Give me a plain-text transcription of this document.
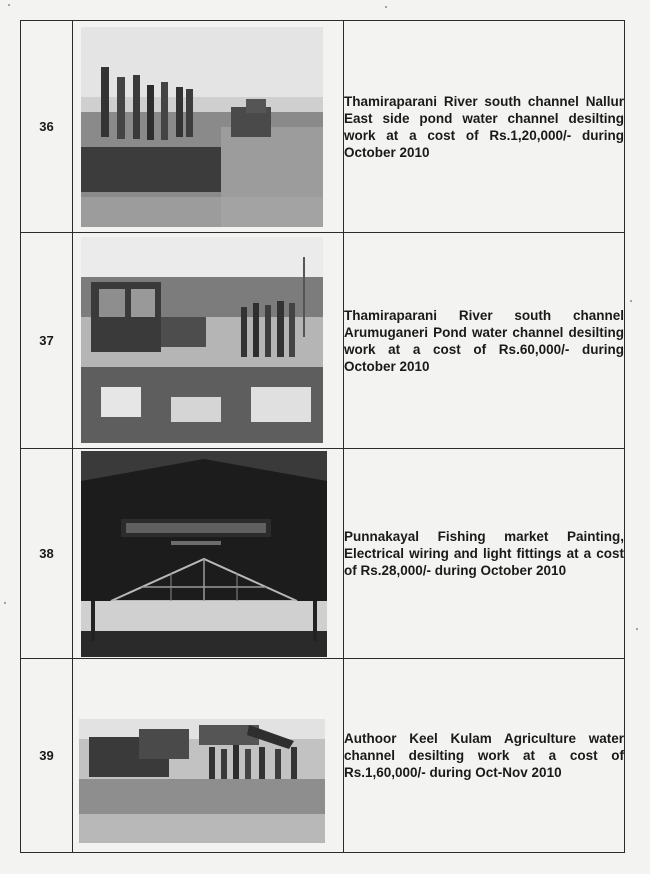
36		Thamiraparani River south channel Nallur East side pond water channel desilting work at a cost of Rs.1,20,000/- during October 2010
37		Thamiraparani River south channel Arumuganeri Pond water channel desilting work at a cost of Rs.60,000/- during October 2010
38		Punnakayal Fishing market Painting, Electrical wiring and light fittings at a cost of Rs.28,000/- during October 2010
39		Authoor Keel Kulam Agriculture water channel desilting work at a cost of Rs.1,60,000/- during Oct-Nov 2010
